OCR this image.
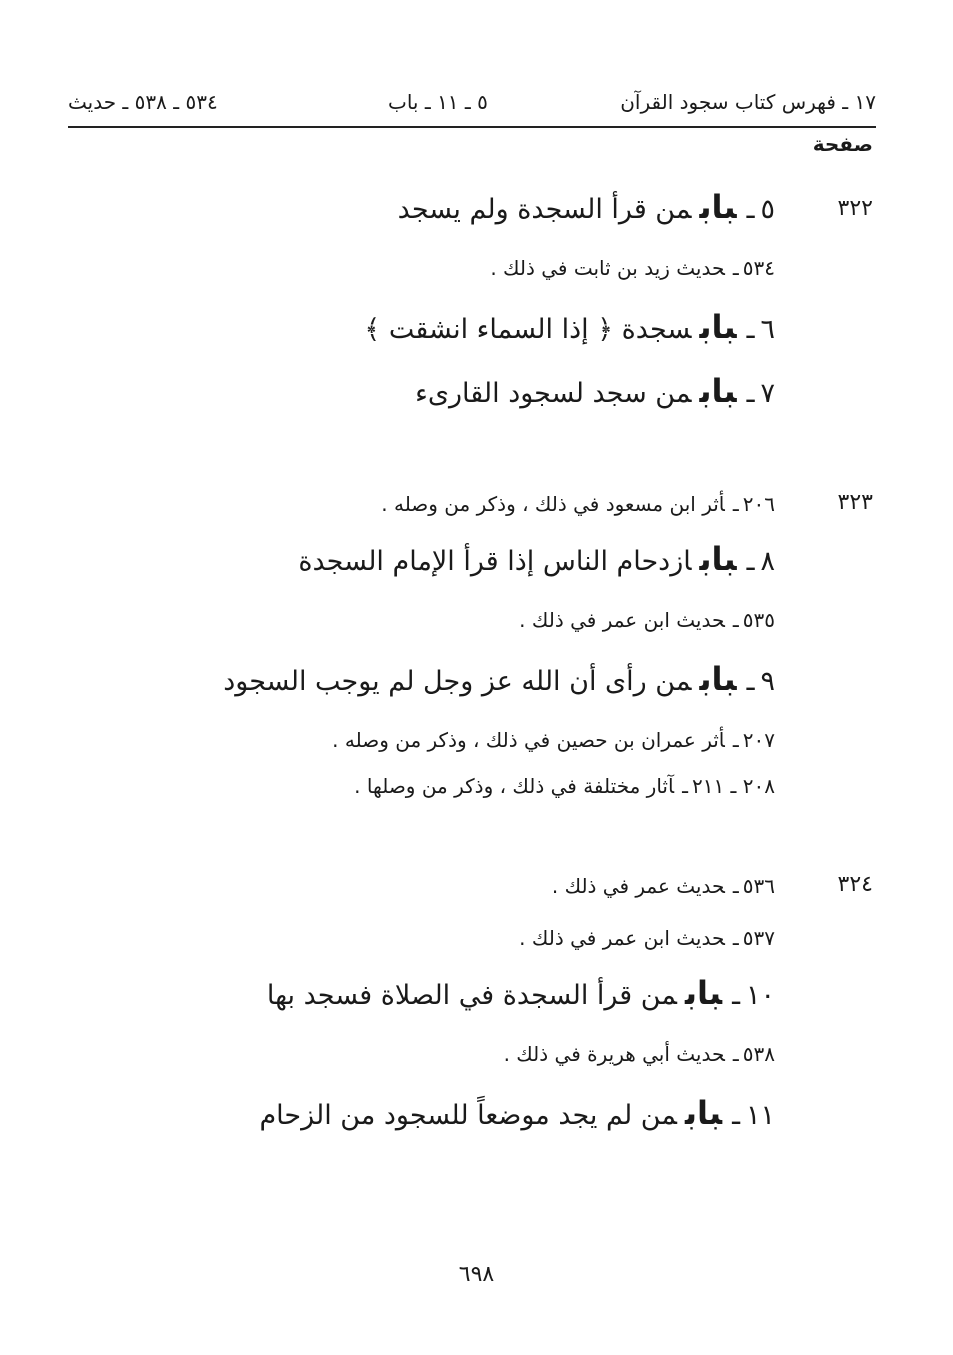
١٧ ـ فهرس كتاب سجود القرآن
٥ ـ ١١ ـ باب
٥٣٤ ـ ٥٣٨ ـ حديث
صفحة
٣٢٢
٥ـبابمن قرأ السجدة ولم يسجد
٥٣٤ـحديث زيد بن ثابت في ذلك .
٦ـبابسجدة ﴿ إذا السماء انشقت ﴾
٧ـبابمن سجد لسجود القارىء
٣٢٣
٢٠٦ـأثر ابن مسعود في ذلك ، وذكر من وصله .
٨ـبابازدحام الناس إذا قرأ الإمام السجدة
٥٣٥ـحديث ابن عمر في ذلك .
٩ـبابمن رأى أن الله عز وجل لم يوجب السجود
٢٠٧ـأثر عمران بن حصين في ذلك ، وذكر من وصله .
٢٠٨ ـ ٢١١ـآثار مختلفة في ذلك ، وذكر من وصلها .
٣٢٤
٥٣٦ـحديث عمر في ذلك .
٥٣٧ـحديث ابن عمر في ذلك .
١٠ـبابمن قرأ السجدة في الصلاة فسجد بها
٥٣٨ـحديث أبي هريرة في ذلك .
١١ـبابمن لم يجد موضعاً للسجود من الزحام
٦٩٨
